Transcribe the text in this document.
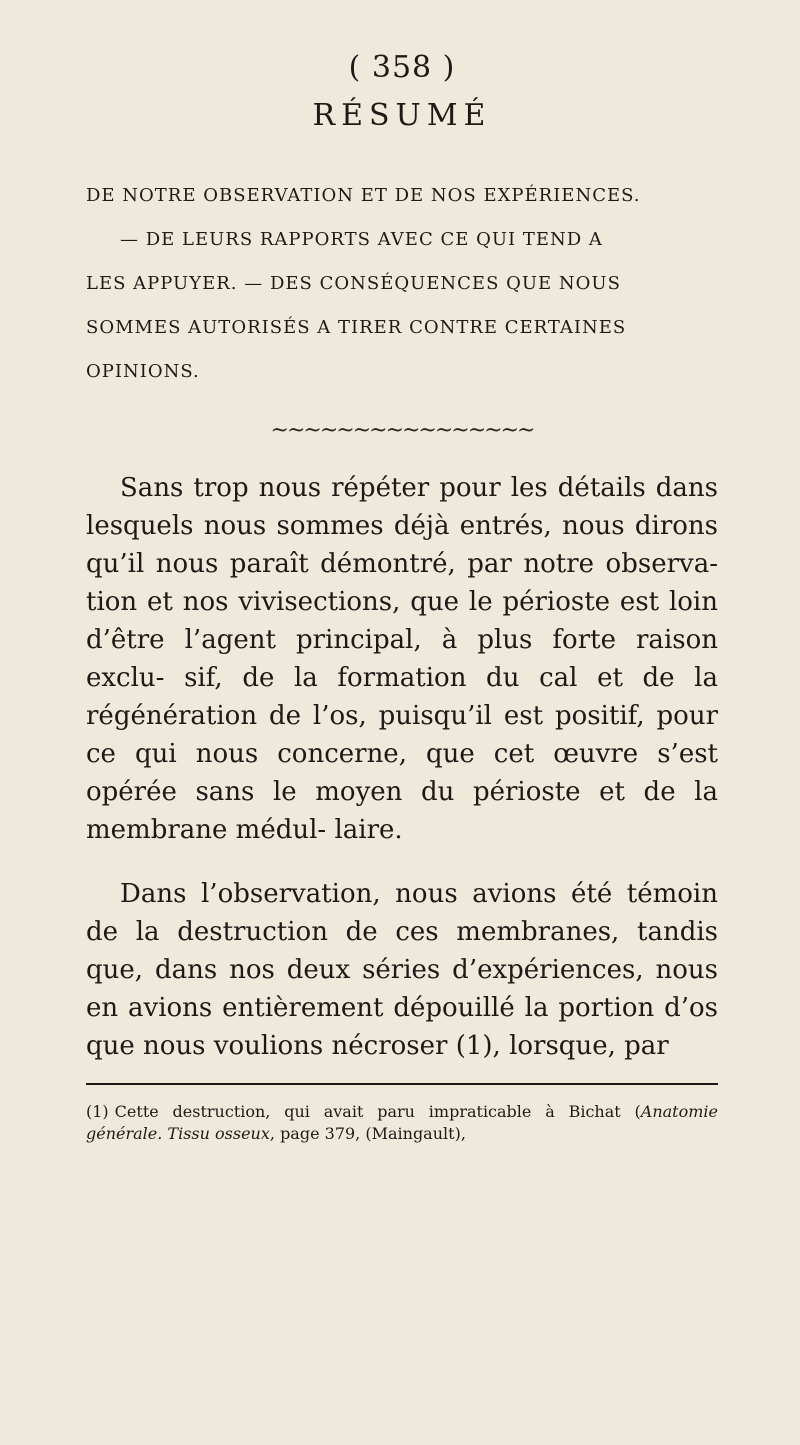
( 358 )
RÉSUMÉ
DE NOTRE OBSERVATION ET DE NOS EXPÉRIENCES.
— DE LEURS RAPPORTS AVEC CE QUI TEND A
LES APPUYER. — DES CONSÉQUENCES QUE NOUS
SOMMES AUTORISÉS A TIRER CONTRE CERTAINES
OPINIONS.
~~~~~~~~~~~~~~~~

Sans trop nous répéter pour les détails dans lesquels nous sommes déjà entrés, nous dirons qu’il nous paraît démontré, par notre observa- tion et nos vivisections, que le périoste est loin d’être l’agent principal, à plus forte raison exclu- sif, de la formation du cal et de la régénération de l’os, puisqu’il est positif, pour ce qui nous concerne, que cet œuvre s’est opérée sans le moyen du périoste et de la membrane médul- laire.

Dans l’observation, nous avions été témoin de la destruction de ces membranes, tandis que, dans nos deux séries d’expériences, nous en avions entièrement dépouillé la portion d’os que nous voulions nécroser (1), lorsque, par

(1) Cette destruction, qui avait paru impraticable à Bichat (Anatomie générale. Tissu osseux, page 379, (Maingault),
